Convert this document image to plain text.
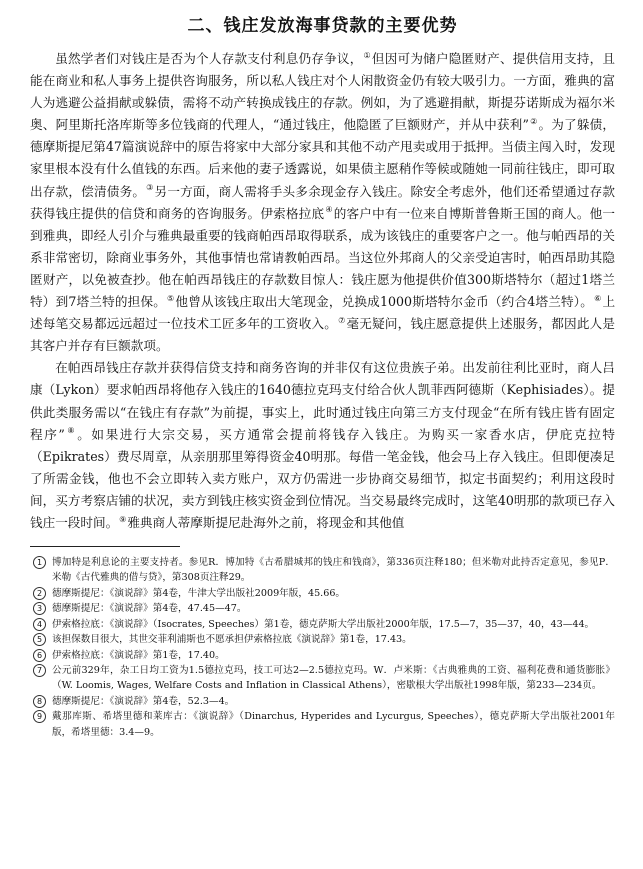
二、钱庄发放海事贷款的主要优势

虽然学者们对钱庄是否为个人存款支付利息仍存争议，①但因可为储户隐匿财产、提供信用支持，且能在商业和私人事务上提供咨询服务，所以私人钱庄对个人闲散资金仍有较大吸引力。一方面，雅典的富人为逃避公益捐献或躲债，需将不动产转换成钱庄的存款。例如，为了逃避捐献，斯提芬诺斯成为福尔米奥、阿里斯托洛库斯等多位钱商的代理人，“通过钱庄，他隐匿了巨额财产，并从中获利”②。为了躲债，德摩斯提尼第47篇演说辞中的原告将家中大部分家具和其他不动产甩卖或用于抵押。当债主闯入时，发现家里根本没有什么值钱的东西。后来他的妻子透露说，如果债主愿稍作等候或随她一同前往钱庄，即可取出存款，偿清债务。③另一方面，商人需将手头多余现金存入钱庄。除安全考虑外，他们还希望通过存款获得钱庄提供的信贷和商务的咨询服务。伊索格拉底④的客户中有一位来自博斯普鲁斯王国的商人。他一到雅典，即经人引介与雅典最重要的钱商帕西昂取得联系，成为该钱庄的重要客户之一。他与帕西昂的关系非常密切，除商业事务外，其他事情也常请教帕西昂。当这位外邦商人的父亲受迫害时，帕西昂助其隐匿财产，以免被查抄。他在帕西昂钱庄的存款数目惊人：钱庄愿为他提供价值300斯塔特尔（超过1塔兰特）到7塔兰特的担保。⑤他曾从该钱庄取出大笔现金，兑换成1000斯塔特尔金币（约合4塔兰特）。⑥上述每笔交易都远远超过一位技术工匠多年的工资收入。⑦毫无疑问，钱庄愿意提供上述服务，都因此人是其客户并存有巨额款项。

在帕西昂钱庄存款并获得信贷支持和商务咨询的并非仅有这位贵族子弟。出发前往利比亚时，商人吕康（Lykon）要求帕西昂将他存入钱庄的1640德拉克玛支付给合伙人凯菲西阿德斯（Kephisiades）。提供此类服务需以“在钱庄有存款”为前提，事实上，此时通过钱庄向第三方支付现金“在所有钱庄皆有固定程序”⑧。如果进行大宗交易，买方通常会提前将钱存入钱庄。为购买一家香水店，伊庇克拉特（Epikrates）费尽周章，从亲朋那里筹得资金40明那。每借一笔金钱，他会马上存入钱庄。但即便凑足了所需金钱，他也不会立即转入卖方账户，双方仍需进一步协商交易细节，拟定书面契约；利用这段时间，买方考察店铺的状况，卖方到钱庄核实资金到位情况。当交易最终完成时，这笔40明那的款项已存入钱庄一段时间。⑨雅典商人蒂摩斯提尼赴海外之前，将现金和其他值

1	博加特是利息论的主要支持者。参见R．博加特《古希腊城邦的钱庄和钱商》，第336页注释180；但米勒对此持否定意见，参见P．米勒《古代雅典的借与贷》，第308页注释29。
2	德摩斯提尼：《演说辞》第4卷，牛津大学出版社2009年版，45.66。
3	德摩斯提尼：《演说辞》第4卷，47.45—47。
4	伊索格拉底：《演说辞》（Isocrates, Speeches）第1卷，德克萨斯大学出版社2000年版，17.5—7，35—37，40，43—44。
5	该担保数目很大，其世交菲利浦斯也不愿承担伊索格拉底《演说辞》第1卷，17.43。
6	伊索格拉底：《演说辞》第1卷，17.40。
7	公元前329年，杂工日均工资为1.5德拉克玛，技工可达2—2.5德拉克玛。W．卢米斯：《古典雅典的工资、福利花费和通货膨胀》（W. Loomis, Wages, Welfare Costs and Inflation in Classical Athens），密歇根大学出版社1998年版，第233—234页。
8	德摩斯提尼：《演说辞》第4卷，52.3—4。
9	戴那库斯、希塔里德和莱库古：《演说辞》（Dinarchus, Hyperides and Lycurgus, Speeches），德克萨斯大学出版社2001年版，希塔里德：3.4—9。
